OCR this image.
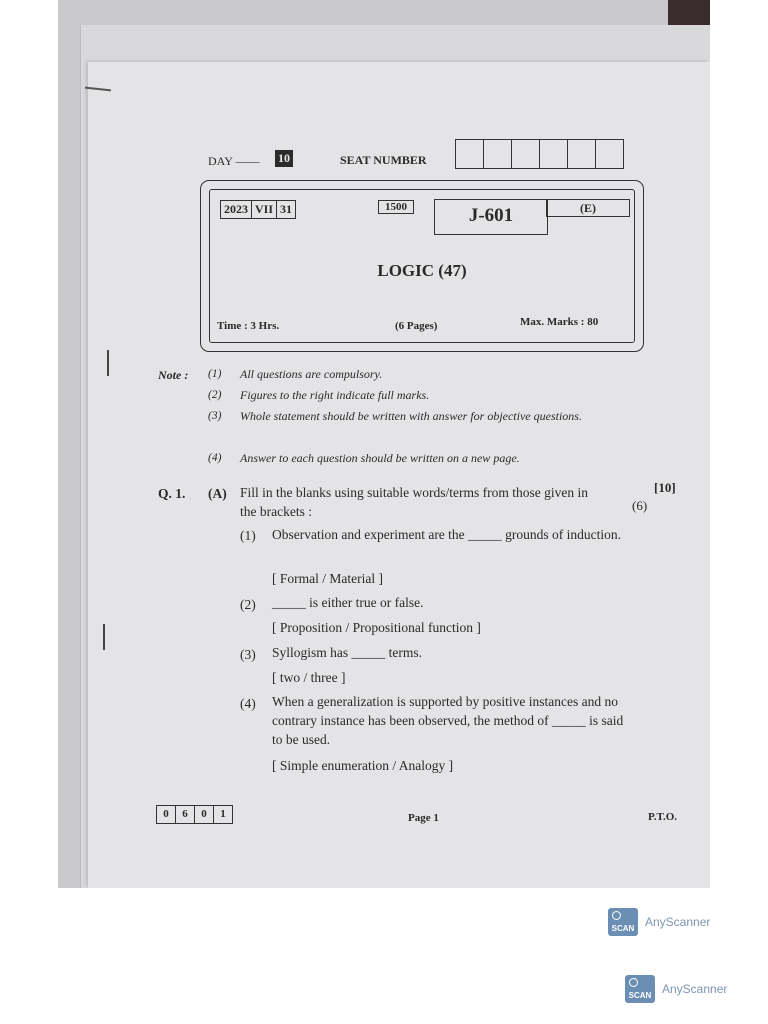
DAY —— 10	SEAT NUMBER
2023 VII 31	1500	J-601	(E)
LOGIC (47)
Time : 3 Hrs.	(6 Pages)	Max. Marks : 80
Note : (1) All questions are compulsory.
(2) Figures to the right indicate full marks.
(3) Whole statement should be written with answer for objective questions.
(4) Answer to each question should be written on a new page.
Q. 1. (A) Fill in the blanks using suitable words/terms from those given in the brackets :
[10]
(6)
(1) Observation and experiment are the _____ grounds of induction.
[ Formal / Material ]
(2) _____ is either true or false.
[ Proposition / Propositional function ]
(3) Syllogism has _____ terms.
[ two / three ]
(4) When a generalization is supported by positive instances and no contrary instance has been observed, the method of _____ is said to be used.
[ Simple enumeration / Analogy ]
0	6	0	1	Page 1	P.T.O.
SCAN AnyScanner
SCAN AnyScanner
